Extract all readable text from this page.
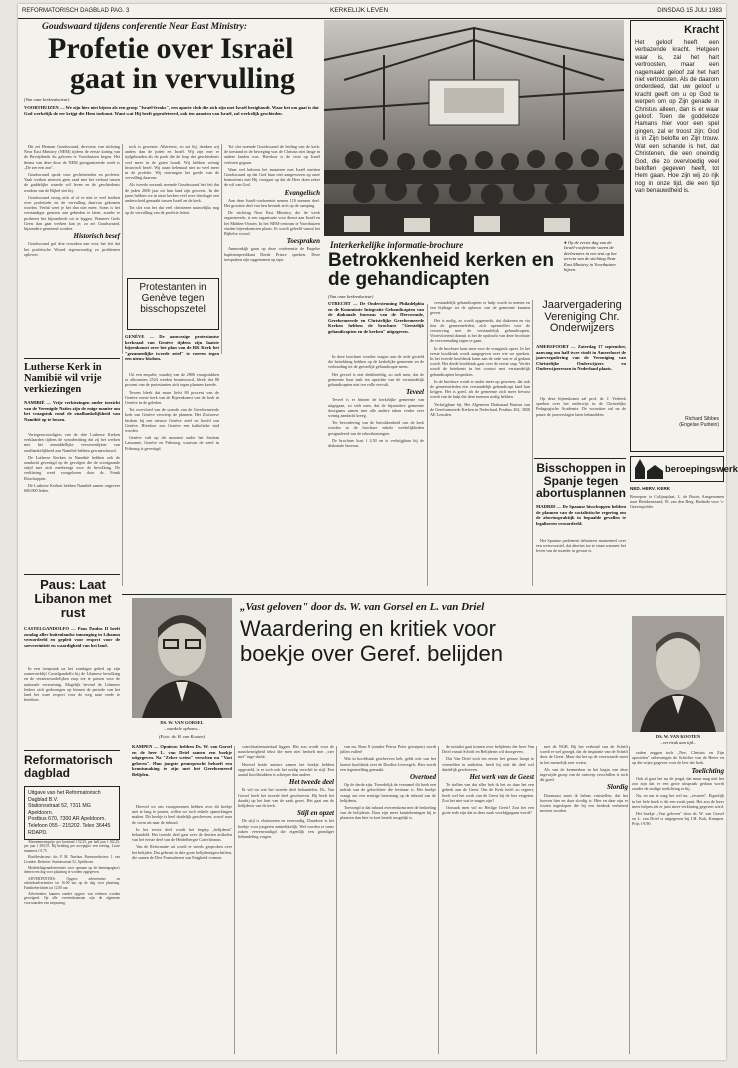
REFORMATORISCH DAGBLAD PAG. 3	KERKELIJK LEVEN	DINSDAG 15 JULI 1983
Goudswaard tijdens conferentie Near East Ministry:
Profetie over Israël
gaat in vervulling
(Van onze kerkredacteur)
VOORTHUIZEN — We zijn hier niet bijeen als een groep "Israël-freaks", een aparte club die zich zijn met Israël bezighoudt. Waar het om gaat is dat God werkelijk de eer krijgt die Hem toekomt. Want wat Hij heeft geprofeteerd, ook ten aanzien van Israël, zal werkelijk geschieden.

Dit zei Herman Goudswaard, directeur van stichting Near East Ministry (NEM) tijdens de eerste koring van de Bevrijdende du geloven te Voorthuizen begon. Het thema van deze door de NEM georganiseerde week is „De zee een zon".

Goudswaard sprak voor gechristenden en profeten. Vaak werken mensen geen raad met het verhaal tussen de gaddelijke waarde wil leven en de geschiedenis rondom van de Bijbel stet bij.

Goudswaard vroeg zich af of er niet te veel boeken over profetieën en de vervulling daarvan gekomen worden. Veelal weet je het dan niet meer. Soms is het verstandiger grenzen aan gebieden te laten, zonder te proberen het bijzonderde uit te leggen. Wanneer Gods Geest dan gaat werken kan je, zo zei Goudswaard, bijzondere genezend worden.

Historisch besef

Goudswaard gaf drie oorzaken aan voor het feit dat het profetische Woord tegenwoordig zo problemen oplevert.

toch is gewezen. Allereerst, zo zei hij, denken wij anders dan de joden en Israël. Wij zijn met er tijdgebonden als de poek die de loop der geschiedenis veel meer in de gaten houdt. Wij hebben weinig historisch besef. Wij staan helemaal niet zo veel meer in de profetie. Wij ontvangen het goede van de vervulling daarvan.

Als tweede oorzaak noemde Goudswaard het feit dat de joden 2000 jaar uit hun land zijn geweest. In die jaren hebben we in onze kerken veel over theologie een onderscheid gemaakt tussen Israël en de kerk.

Tot slot was het dat veel christenen nauwelijks nog op de vervulling van de profetie letten.

Tot slot noemde Goudswaard de leiding van de kerk: de toestand in de beweging was de Christus niet lange in andere landen was. Hierdoor is de visie op Israël verloren gegaan.

Waar wel belezen het manieren met Israël mettten Goudswaard op dat God haar niet aangewezen op onze bemoeienis met Hij voorgaat op dat de Heer doen zeker de wil van God.

Evangelisch

Aan deze Israël-conferentie nemen 110 mensen deel. Het grootste deel van hen bevindt zich op de camping.

De stichting Near East Ministry, die de week organiseerde, is een organisatie voor dienst aan Israël en het Midden-Oosten. In het NEM-centrum te Voorthuizen vinden bijeenkomsten plaats. Er wordt geleefd vanuit het Bijbelse woord.

Toespraken

Ammonkijk gaan op deze conferentie de Engelse baptistenpredikant Derek Prince spreken. Deze toespraken zijn opgenomen op tape.

Protestanten in Genève tegen bisschopszetel
GENÈVE — De aanwezige protestantse kerkraad van Genève tijdens zijn laatste bijeenkomst over het plan van de RK Kerk het "gezamenlijke tweede zetel" te voeren tegen een nieuw bisdom.

Uit een enquête, waarbij van de 2800 vraagstukken er afkomsten 2524 werden beantwoord, bleek dat 88 procent van de protestanten zich tegen plannen keerde.

Tevens bleek dat maar liefst 80 procent van de Genève eerste kerk van de Bijeenkomst van de kerk in Genève in de geleden.

Tot overvloed van de synode van de Gereformeerde kerk van Genève verwierp de plannen. Het Zwitserse bisdom bij een nieuwe Genève zetel en hoofd van Genève. Hierdoor zou Genève een katholieke stad worden.

Genève valt op dit moment onder het bisdom Lausanne, Genève en Fribourg, waarvan de zetel in Fribourg is gevestigd.

Lutherse Kerk in Namibië wil vrije verkiezingen
NAMIBIË — Vrije verkiezingen onder toezicht van de Verenigde Naties zijn de enige manier om het vraagstuk rond de onafhankelijkheid van Namibië op te lossen.

Vertegenwoordigers van de drie Lutherse Kerken verklaarden tijdens de synodezitting dat zij het werken met het onmiddellijke verwezenlijken van onafhankelijkheid aan Namibië hebben gewaarschuwd.

De Lutherse Kerken in Namibië hebben ook de aandacht gevestigd op de gevolgen die de voortgaande strijd met zich meebrengt voor de bevolking. De verklaring werd voorgelezen door ds. Frank Bisschoppen.

De Lutherse Kerken hebben Namibië samen ongeveer 600.000 leden.

Paus: Laat Libanon met rust
CASTELGANDOLFO — Paus Paulus II heeft zondag aller buitenlandse inmenging in Libanon veroordeeld en gepleit voor respect voor de soevereiniteit en waardigheid van het land.

In een toespraak na het zondagse gebed op zijn zomerverblijf Castelgandolfo bij de Libanese bevolking en de verantwoordelijken erop toe te passen voor de nationale verzoening. Mogelijk bevind de Libanese leiders zich gedwongen op binnen de periode van het land het ware respect voor de weg naar vrede te bereiken.

● Op de eerste dag van de Israël-conferentie waren de deelnemers in een tent op het terrein van de stichting Near East Ministry in Voorthuizen bijeen.
Interkerkelijke informatie-brochure
Betrokkenheid kerken en de gehandicapten
(Van onze kerkredacteur)
UTRECHT — De Ondersteuning Philadelphia en de Kommissie Integratie Gehandicapten van de diakonale bureaus van de Hervormde, Gereformeerde en Christelijke Gereformeerde Kerken hebben de brochure "Geestelijk gehandicapten en de kerken" uitgegeven.

In deze brochure worden vragen aan de orde gesteld die betrekking hebben op de kerkelijke gemeente en de verhouding tot de geestelijk gehandicapte mens.

Het gevoel is niet denkbeeldig, zo stelt men, dat de gemeente haar taak ten opzichte van de verstandelijk gehandicapten niet ten volle vervult.

Teveel

Teveel is er binnen de kerkelijke gemeente van uitgegaan, zo stelt men, dat de bijzondere gemeente doorgaans samen met alle andere taken verder zeer weinig aandacht kreeg.

Ter bevordering van de betrokkenheid van de kerk worden in de brochure enkele werkelijkheden gesignaleerd van de tekortkomingen.

De brochure kost f 2,50 en is verkrijgbaar bij de diakonale bureaus.

verstandelijk gehandicapten er hulp wordt in nemen en een bijdrage tot de opbouw van de gemeente kunnen geven.

Het is nodig, zo wordt opgemerkt, dat diakenen en via hen de gemeenteleden, zich openstellen voor de verwerving met de verstandelijk gehandicapten. Voortvloeiend daaruit is het de opdracht van deze brochure de vervreemding tegen te gaan.

In de brochure kom men voor de vraagstuk opzet. In het eerste hoofdstuk wordt aangegeven over wie we spreken. In het tweede hoofdstuk komt aan de orde wat er al gedaan wordt. Het derde hoofdstuk gaat over de eerste stap. Verder wordt de betekenis in het contact met verstandelijk gehandicapten besproken.

In de brochure wordt er onder meer op gewezen, dat ook de gemeenteleden een verstandelijk gehandicapt kind kan krijgen. Het is goed, als de gemeente zich meer bewust wordt van de hulp die deze mensen nodig hebben.

Verkrijgbaar bij: Het Algemeen Diakonaal Bureau van de Gereformeerde Kerken in Nederland, Postbus 202, 3830 AE Leusden.

Jaarvergadering Vereniging Chr. Onderwijzers
AMERSFOORT — Zaterdag 17 september, aanvang om half twee vindt in Amersfoort de jaarvergadering van de Vereniging van Christelijke Onderwijzers en Onderwijzeressen in Nederland plaats.

Op deze bijeenkomst zal prof. dr. J. Verbeek spreken over het onderwijs in de Christelijke Pedagogische Academie. De voorzitter zal na de pauze de jaarverslagen laten behandelen.

Bisschoppen in Spanje tegen abortusplannen
MADRID — De Spaanse bisschoppen hebben de plannen van de socialistische regering om de abortuspraktijk in bepaalde gevallen te legaliseren veroordeeld.

Het Spaanse parlement debatteert momenteel over een wetsvoorstel, dat abortus toe te staan wanneer het leven van de moeder in gevaar is.

Kracht
Het geloof heeft een verbazende kracht. Hetgeen waar is, zal het hart vertroosten, maar een nagemaakt geloof zal het hart niet vertroosten. Als de daarom onderdeed, dat uw geloof u kracht geeft om u op God te werpen om op Zijn genade in Christus alleen, dan is er waar geloof. Toen de goddeloze Hamans hier voor een spel gingen, zal er troost zijn; God is in Zijn belofte en Zijn trouw. Wat een schande is het, dat Christenen, die een oneindig God, die zo overvloedig veel beloften gegeven heeft, tot Hem gaan. Hoe zijn wij zo rijk nog in onze tijd, die een tijd van benauwdheid is.
Richard Sibbes
(Engelse Puritein)
beroepingswerk
NED. HERV. KERK
Beroepen: te Colijnsplaat, L. de Bruin; Aangenomen naar Heinkenszand, W. van den Berg. Bedankt voor 's-Gravenpolder.
„Vast geloven" door ds. W. van Gorsel en L. van Driel
Waardering en kritiek voor
boekje over Geref. belijden
DS. W. VAN GORSEL
...wankele ophouw...
(Foto: ds. B. van Kooten)	DS. W. VAN KOOTEN
...verrieuk aan tijd...
KAMPEN — Opnieuw hebben Ds. W. van Gorsel en de heer L. van Driel samen een boekje uitgegeven. Na "Zeker weten" verschen nu "Vast geloven". Hun jongste penneprucht behoeft een kennismaking te zijn met het Gereformeerd Belijden.

Hoewel we ons voorgenomen hebben over dit boekje niet te lang te praten, willen we toch enkele opmerkingen maken. Dit boekje is heel duidelijk geschreven, zowel naar de vorm als naar de inhoud.

In het eerste deel wordt het begrip „belijdenis" behandeld. Het tweede deel gaat over de dertien artikelen van het eerste deel van de Heidelbergse Catechismus.

Van de Reformatie uit wordt er steeds gesproken over het belijden. Dat gebeurt in drie grote belijdenisgeschriften, die samen de Drie Formulieren van Enigheid vormen.

catechisatiemateriaal liggen. Het zou wordt voor de nauwkeurigheid tekst die men niet bedoelt met „vier met" inge-dacht.

Hoewel beide auteurs samen het boekje hebben opgesteld, is er toch ook het nodig verschil in stijl. Een aantal hoofdstukken is scherper dan andere.

Het tweede deel

Ik wil nu wat het tweede deel behandelen. Ds. Van Gorsel heeft het tweede deel geschreven. Hij heeft het daarbij op het hart van de zaak gezet. Het gaat om de belijdenis van de kerk.

Stijl en opzet

De stijl is vlotmoeten en eenvoudig. Daardoor is het boekje voor jongeren aantrekkelijk. Wel worden er soms zaken vereenvoudigd die eigenlijk een grondiger behandeling vragen.

van nu. Rom 8 (zonder Petrus Peter geroepen) wordt jullen vullen!

Wat in hoofdstuk geschreven heb, geldt ook van het laatste hoofdstuk over de Dordtse Leerregels. Hier wordt een tegenstelling gemaakt.

Overtoed

Op de derde zijn. Tweedelijk de verzamel dit boek een indruk van de geloofsleer die leesbaar is. Het boekje vraagt om een ernstige bezinning op de inhoud van de belijdenis.

Toevoegd is dat inhoud overeenkomt met de bedoeling van de belijdenis. Daar zijn meer kanttekeningen bij te plaatsen dan hier in kort bestek mogelijk is.

de notulist gaat komen over belijdenis der heer Van Driel vanuit Schrift en Belijdenis wil doorgeven.

Dat Van Driel toch ten eerste het geraze hoopt te vermelden in artikelen, heeft hij ook dit deel wel duidelijk geschreven.

Het werk van de Geest

Te stellen van dat alles heb ik het zo daar het een gebrek aan de Geest. Om de Kerk heeft zo regeert, heeft wel het werk van de Geest bij de leer vergeten. Zou het niet wat te mager zijn?

Oorsaak men vol zo Heilige Geest? Zou het een grote rede zijn dat in deze zaak voorbijgegaan wordt?

met de NGB. Bij het verbond van de Schrift wordt er wel gezegd, dat de inspiratie van de Schrift door de Geest. Maar dat het op de voorwaarde moet in het menselijk zeer weten.

Als van de kenmerken in het begin van deze ingewijde groep van de ontwerp verschillen is toch dit goed.

Slordig

Daarnaast moet ik helaas vaststellen, dat het boeven hier en daar slordig is. Hier en daar zijn er fouten ingeslopen die bij een herdruk verbeterd moeten worden.

zoden zeggen toch „Nee, Christus en Zijn apostelen" onbevangen de Schrifter van de Heere en op die wijze gegeven voor de leer der kerk.

Toelichting

Ook al gaat het nu de jeugd, dat maar mag niet het zoo zijn dat er een grote uitspraak gedaan wordt zonder de nodige toelichting er bij.

Nu, en om te mag het wel nu: „ervaren". Eigenlijk in het hele boek is dit een zwak punt. Het zou de lezer meer helpen als er juist meer verklaring gegeven werd.

Het boekje „Vast geloven" door ds. W. van Gorsel en L. van Driel is uitgegeven bij J.H. Kok, Kampen. Prijs f 9,90.

Reformatorisch dagblad
Uitgave van het Reformatorisch Dagblad B.V.
Stationsstraat 52, 7311 MG Apeldoorn.
Postbus 670, 7300 AR Apeldoorn.
Telefoon 055 - 215202. Telex 36445 RDAPD.

Abonnementsprijs: per kwartaal f 52,35, per half jaar f 102,35, per jaar f 200,55. Bij betaling per acceptgiro een toeslag. Losse nummers f 0,75.

Hoofdredacteur: drs. P. M. Tazelaar. Bureauredacteur: J. van Lienden. Redactie: Stationsstraat 52, Apeldoorn.

Mededelingenadvertenties voor opname op de binnenpagina's dienen een dag voor plaatsing te worden opgegeven.

ADVERTENTIES: Opgave advertenties en rubrieksadvertenties tot 16.00 uur op de dag voor plaatsing. Familieberichten tot 12.00 uur.

Advertenties kunnen zonder opgave van redenen worden geweigerd. Op alle overeenkomsten zijn de algemene voorwaarden van toepassing.
